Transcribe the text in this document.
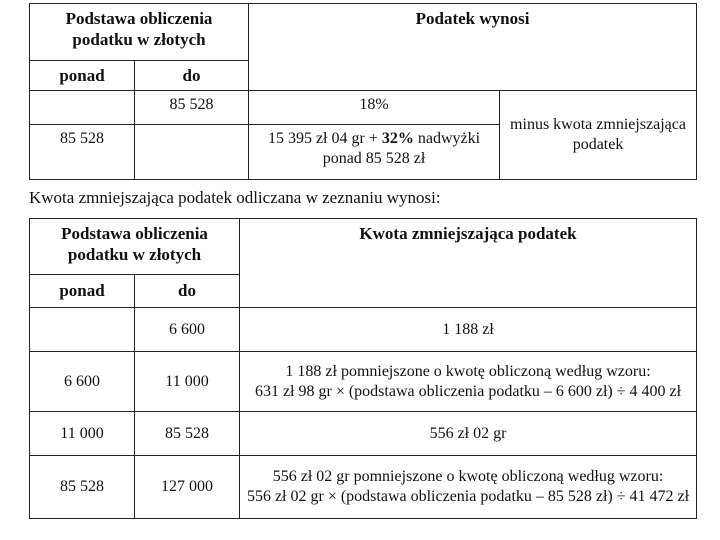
Podstawa obliczenia podatku w złotych		Podatek wynosi	
ponad	do		
	85 528	18%	minus kwota zmniejszająca podatek
85 528		15 395 zł 04 gr + 32% nadwyżki ponad 85 528 zł	
Kwota zmniejszająca podatek odliczana w zeznaniu wynosi:
Podstawa obliczenia podatku w złotych		Kwota zmniejszająca podatek
ponad	do	
	6 600	1 188 zł

6 600	11 000	1 188 zł pomniejszone o kwotę obliczoną według wzoru:
631 zł 98 gr × (podstawa obliczenia podatku – 6 600 zł) ÷ 4 400 zł

11 000	85 528	556 zł 02 gr

85 528	127 000	556 zł 02 gr pomniejszone o kwotę obliczoną według wzoru:
556 zł 02 gr × (podstawa obliczenia podatku – 85 528 zł) ÷ 41 472 zł
